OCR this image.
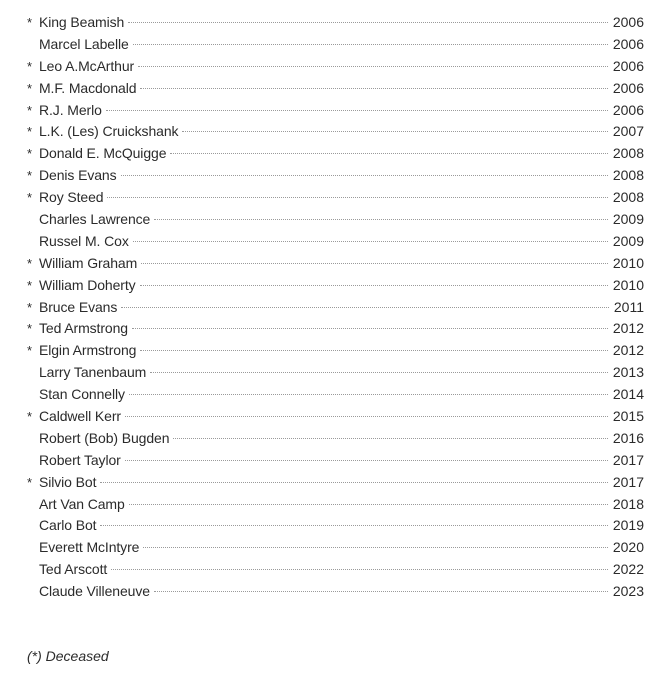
* King Beamish	2006
Marcel Labelle	2006
* Leo A.McArthur	2006
* M.F. Macdonald	2006
* R.J. Merlo	2006
* L.K. (Les) Cruickshank	2007
* Donald E. McQuigge	2008
* Denis Evans	2008
* Roy Steed	2008
Charles Lawrence	2009
Russel M. Cox	2009
* William Graham	2010
* William Doherty	2010
* Bruce Evans	2011
* Ted Armstrong	2012
* Elgin Armstrong	2012
Larry Tanenbaum	2013
Stan Connelly	2014
* Caldwell Kerr	2015
Robert (Bob) Bugden	2016
Robert Taylor	2017
* Silvio Bot	2017
Art Van Camp	2018
Carlo Bot	2019
Everett McIntyre	2020
Ted Arscott	2022
Claude Villeneuve	2023
(*) Deceased
